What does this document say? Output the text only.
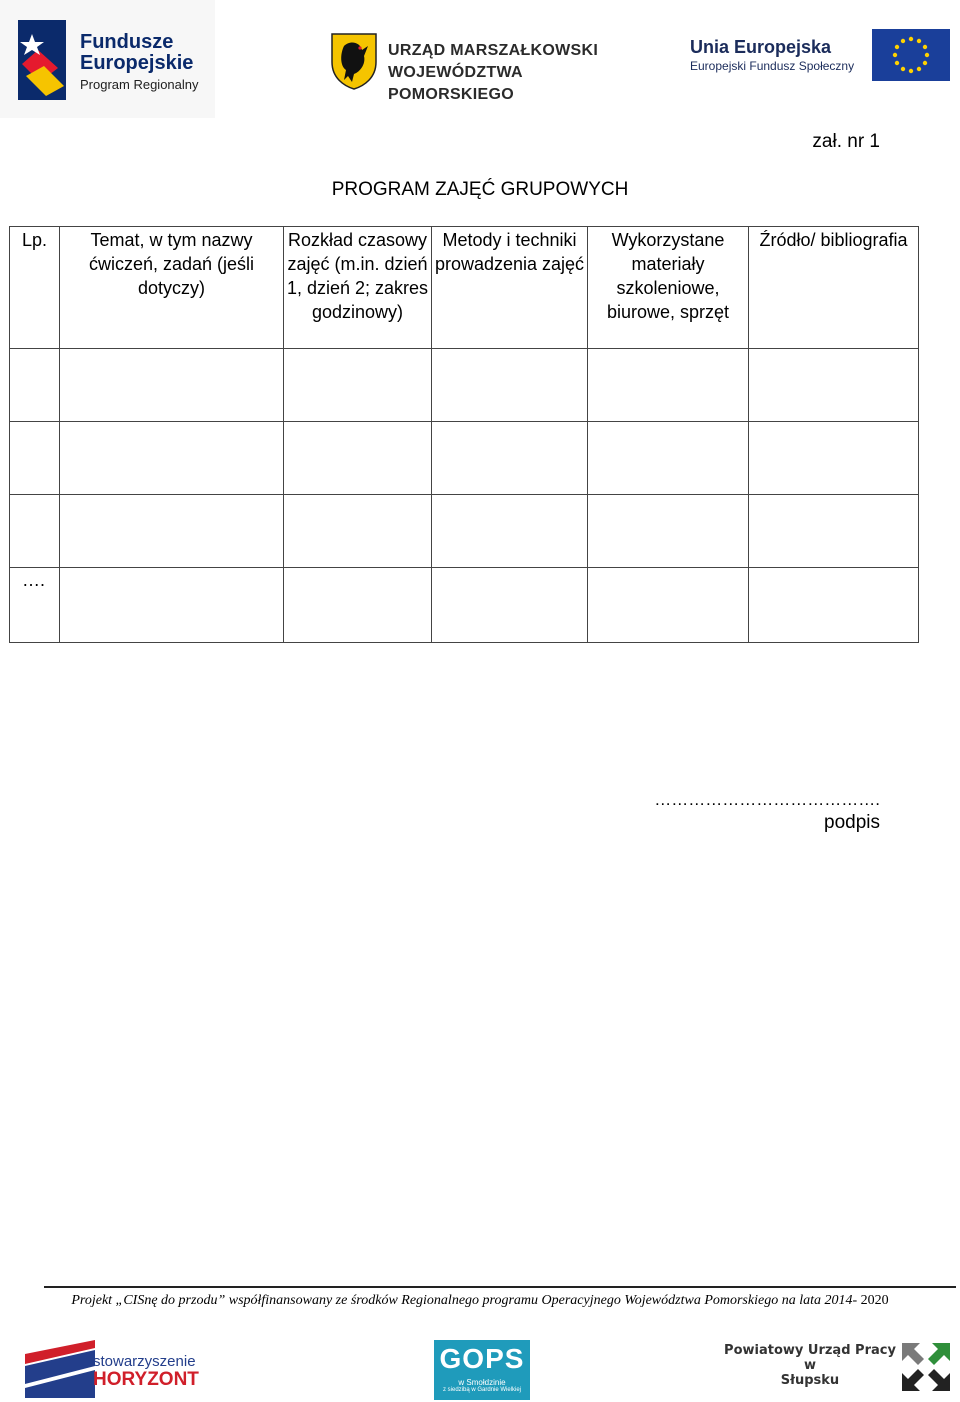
Fundusze
Europejskie
Program Regionalny
URZĄD MARSZAŁKOWSKI
WOJEWÓDZTWA POMORSKIEGO
Unia Europejska
Europejski Fundusz Społeczny
zał. nr 1
PROGRAM ZAJĘĆ GRUPOWYCH
Lp.	Temat, w tym nazwy ćwiczeń, zadań (jeśli dotyczy)	Rozkład czasowy zajęć (m.in. dzień 1, dzień 2; zakres godzinowy)	Metody i techniki prowadzenia zajęć	Wykorzystane materiały szkoleniowe, biurowe, sprzęt	Źródło/ bibliografia

….					
………………………………….
podpis
Projekt „CISnę do przodu” współfinansowany ze środków Regionalnego programu Operacyjnego Województwa Pomorskiego na lata 2014- 2020
stowarzyszenie
HORYZONT
GOPS
w Smołdzinie
z siedzibą w Gardnie Wielkiej
Powiatowy Urząd Pracy
w
Słupsku
